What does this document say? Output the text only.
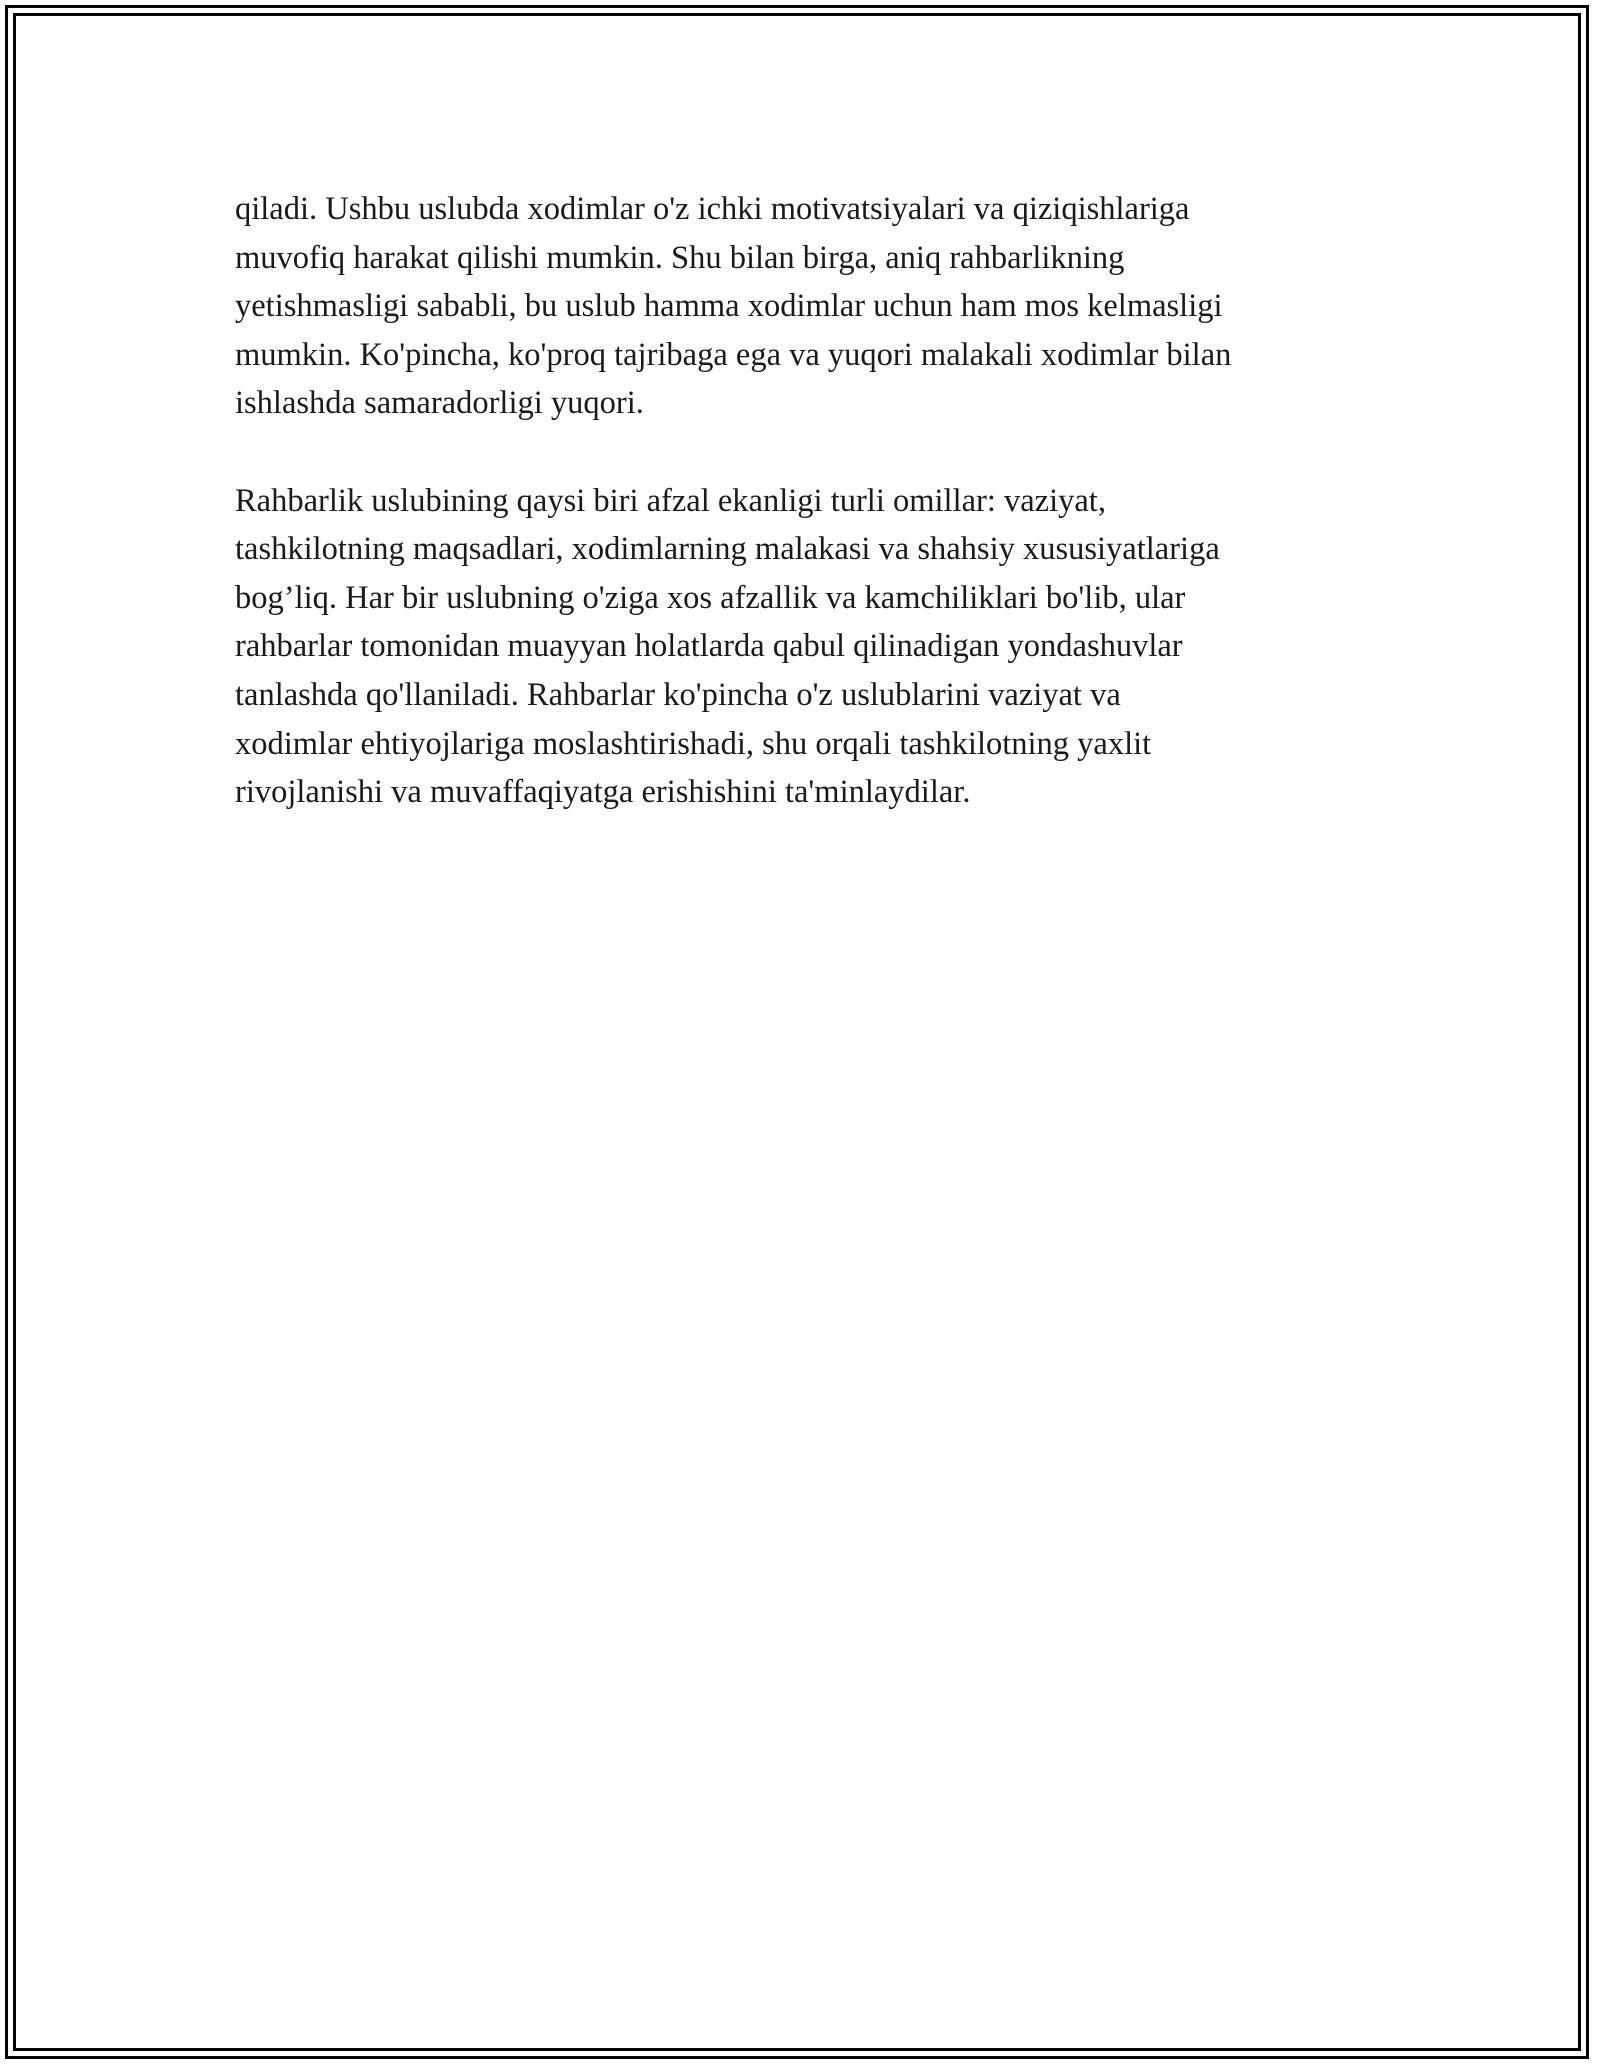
qiladi. Ushbu uslubda xodimlar o'z ichki motivatsiyalari va qiziqishlariga
muvofiq harakat qilishi mumkin. Shu bilan birga, aniq rahbarlikning
yetishmasligi sababli, bu uslub hamma xodimlar uchun ham mos kelmasligi
mumkin. Ko'pincha, ko'proq tajribaga ega va yuqori malakali xodimlar bilan
ishlashda samaradorligi yuqori.

Rahbarlik uslubining qaysi biri afzal ekanligi turli omillar: vaziyat,
tashkilotning maqsadlari, xodimlarning malakasi va shahsiy xususiyatlariga
bog’liq. Har bir uslubning o'ziga xos afzallik va kamchiliklari bo'lib, ular
rahbarlar tomonidan muayyan holatlarda qabul qilinadigan yondashuvlar
tanlashda qo'llaniladi. Rahbarlar ko'pincha o'z uslublarini vaziyat va
xodimlar ehtiyojlariga moslashtirishadi, shu orqali tashkilotning yaxlit
rivojlanishi va muvaffaqiyatga erishishini ta'minlaydilar.
